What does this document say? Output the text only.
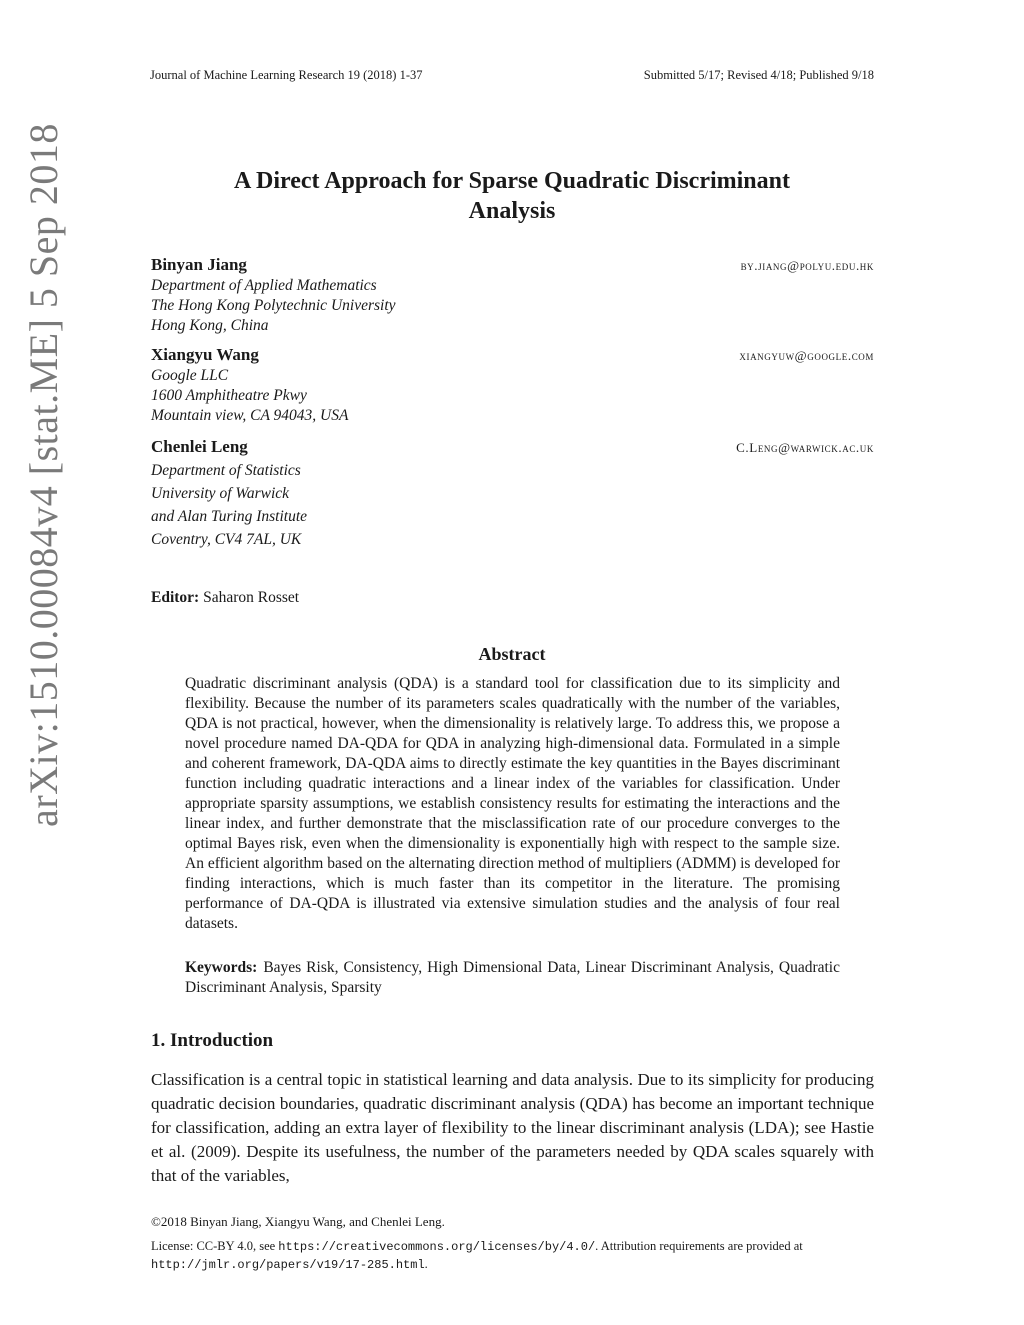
Journal of Machine Learning Research 19 (2018) 1-37	Submitted 5/17; Revised 4/18; Published 9/18
A Direct Approach for Sparse Quadratic Discriminant
Analysis
Binyan Jiang	by.jiang@polyu.edu.hk
Department of Applied Mathematics
The Hong Kong Polytechnic University
Hong Kong, China
Xiangyu Wang	xiangyuw@google.com
Google LLC
1600 Amphitheatre Pkwy
Mountain view, CA 94043, USA
Chenlei Leng	C.Leng@warwick.ac.uk
Department of Statistics
University of Warwick
and Alan Turing Institute
Coventry, CV4 7AL, UK
Editor: Saharon Rosset
Abstract

Quadratic discriminant analysis (QDA) is a standard tool for classification due to its simplicity and flexibility. Because the number of its parameters scales quadratically with the number of the variables, QDA is not practical, however, when the dimensionality is relatively large. To address this, we propose a novel procedure named DA-QDA for QDA in analyzing high-dimensional data. Formulated in a simple and coherent framework, DA-QDA aims to directly estimate the key quantities in the Bayes discriminant function including quadratic interactions and a linear index of the variables for classification. Under appropriate sparsity assumptions, we establish consistency results for estimating the interactions and the linear index, and further demonstrate that the misclassification rate of our procedure converges to the optimal Bayes risk, even when the dimensionality is exponentially high with respect to the sample size. An efficient algorithm based on the alternating direction method of multipliers (ADMM) is developed for finding interactions, which is much faster than its competitor in the literature. The promising performance of DA-QDA is illustrated via extensive simulation studies and the analysis of four real datasets.

Keywords: Bayes Risk, Consistency, High Dimensional Data, Linear Discriminant Analysis, Quadratic Discriminant Analysis, Sparsity

1. Introduction

Classification is a central topic in statistical learning and data analysis. Due to its simplicity for producing quadratic decision boundaries, quadratic discriminant analysis (QDA) has become an important technique for classification, adding an extra layer of flexibility to the linear discriminant analysis (LDA); see Hastie et al. (2009). Despite its usefulness, the number of the parameters needed by QDA scales squarely with that of the variables,

©2018 Binyan Jiang, Xiangyu Wang, and Chenlei Leng.

License: CC-BY 4.0, see https://creativecommons.org/licenses/by/4.0/. Attribution requirements are provided at http://jmlr.org/papers/v19/17-285.html.

arXiv:1510.00084v4 [stat.ME] 5 Sep 2018
